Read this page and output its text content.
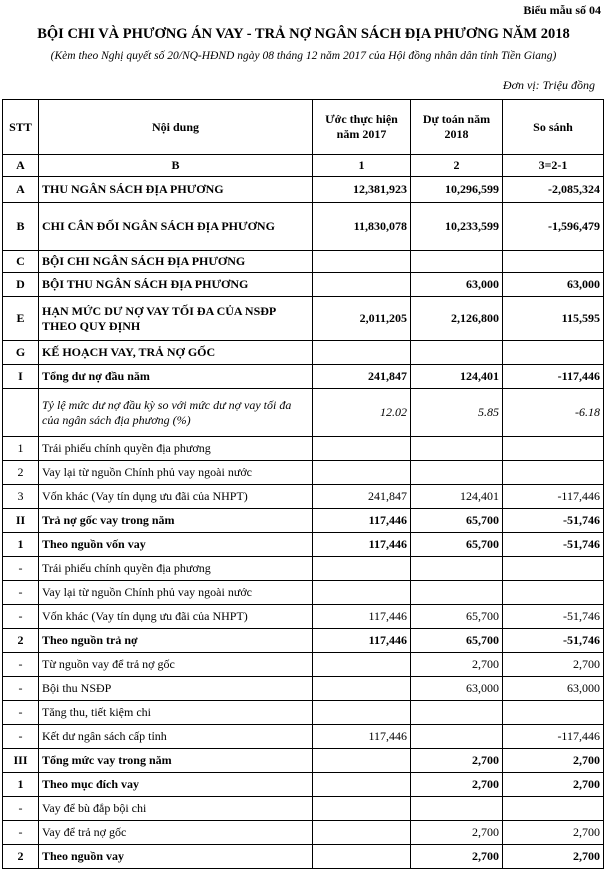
Biểu mẫu số 04
BỘI CHI VÀ PHƯƠNG ÁN VAY - TRẢ NỢ NGÂN SÁCH ĐỊA PHƯƠNG NĂM 2018
(Kèm theo Nghị quyết số 20/NQ-HĐND ngày 08 tháng 12 năm 2017 của Hội đồng nhân dân tỉnh Tiền Giang)
Đơn vị: Triệu đồng
STT	Nội dung	Ước thực hiện năm 2017	Dự toán năm 2018	So sánh
A	B	1	2	3=2-1
A	THU NGÂN SÁCH ĐỊA PHƯƠNG	12,381,923	10,296,599	-2,085,324
B	CHI CÂN ĐỐI NGÂN SÁCH ĐỊA PHƯƠNG	11,830,078	10,233,599	-1,596,479
C	BỘI CHI NGÂN SÁCH ĐỊA PHƯƠNG			
D	BỘI THU NGÂN SÁCH ĐỊA PHƯƠNG		63,000	63,000
E	HẠN MỨC DƯ NỢ VAY TỐI ĐA CỦA NSĐP THEO QUY ĐỊNH	2,011,205	2,126,800	115,595
G	KẾ HOẠCH VAY, TRẢ NỢ GỐC			
I	Tổng dư nợ đầu năm	241,847	124,401	-117,446
	Tỷ lệ mức dư nợ đầu kỳ so với mức dư nợ vay tối đa của ngân sách địa phương (%)	12.02	5.85	-6.18
1	Trái phiếu chính quyền địa phương			
2	Vay lại từ nguồn Chính phủ vay ngoài nước			
3	Vốn khác (Vay tín dụng ưu đãi của NHPT)	241,847	124,401	-117,446
II	Trả nợ gốc vay trong năm	117,446	65,700	-51,746
1	Theo nguồn vốn vay	117,446	65,700	-51,746
-	Trái phiếu chính quyền địa phương			
-	Vay lại từ nguồn Chính phủ vay ngoài nước			
-	Vốn khác (Vay tín dụng ưu đãi của NHPT)	117,446	65,700	-51,746
2	Theo nguồn trả nợ	117,446	65,700	-51,746
-	Từ nguồn vay để trả nợ gốc		2,700	2,700
-	Bội thu NSĐP		63,000	63,000
-	Tăng thu, tiết kiệm chi			
-	Kết dư ngân sách cấp tỉnh	117,446		-117,446
III	Tổng mức vay trong năm		2,700	2,700
1	Theo mục đích vay		2,700	2,700
-	Vay để bù đắp bội chi			
-	Vay để trả nợ gốc		2,700	2,700
2	Theo nguồn vay		2,700	2,700
